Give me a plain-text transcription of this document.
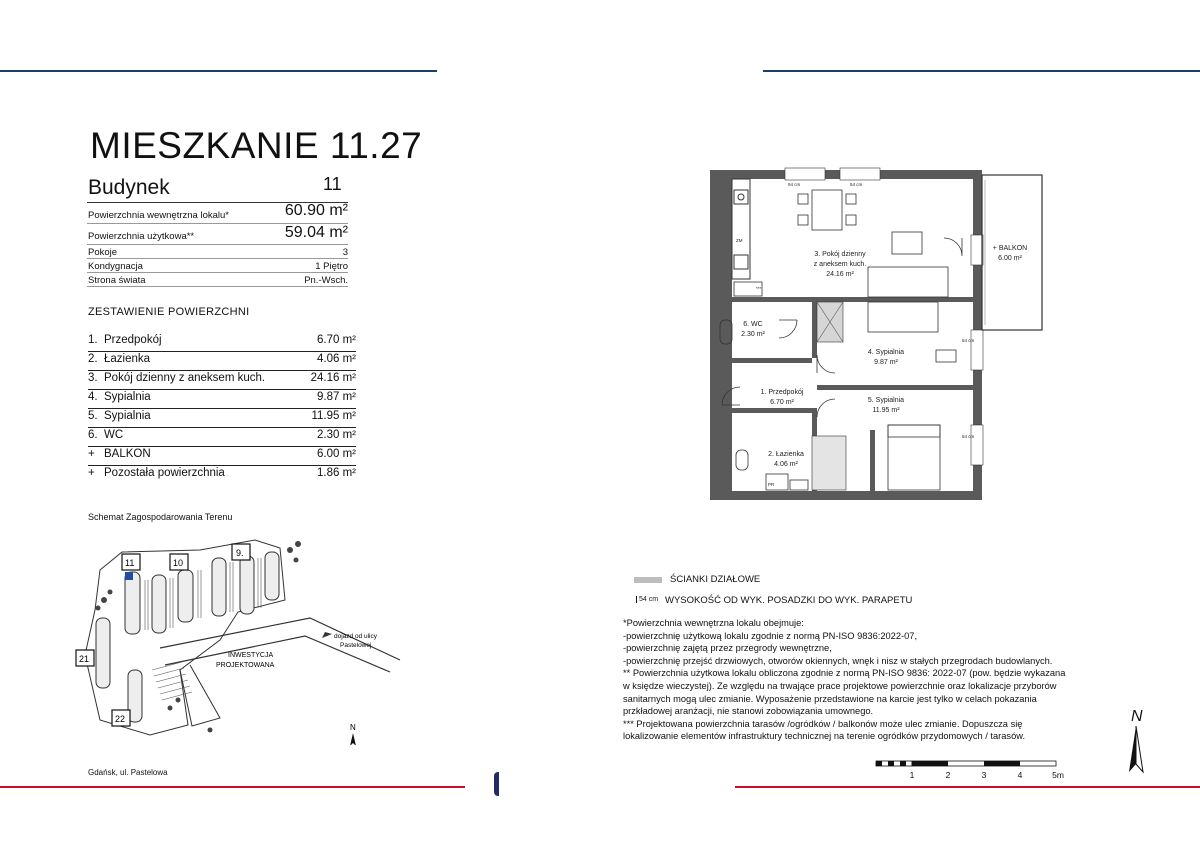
MIESZKANIE 11.27
Budynek	11
Powierzchnia wewnętrzna lokalu*	60.90 m²
Powierzchnia użytkowa**	59.04 m²
Pokoje	3
Kondygnacja	1 Piętro
Strona świata	Pn.-Wsch.
ZESTAWIENIE POWIERZCHNI
1. Przedpokój	6.70 m²
2. Łazienka	4.06 m²
3. Pokój dzienny z aneksem kuch.	24.16 m²
4. Sypialnia	9.87 m²
5. Sypialnia	11.95 m²
6. WC	2.30 m²
+ BALKON	6.00 m²
+ Pozostała powierzchnia	1.86 m²
Schemat Zagospodarowania Terenu
11	10
9.
21
22
INWESTYCJA
PROJEKTOWANA
dojazd od ulicy
Pastelowej
N
Gdańsk, ul. Pastelowa
3. Pokój dzienny
z aneksem kuch.
24.16 m²
+ BALKON
6.00 m²
6. WC
2.30 m²
4. Sypialnia
9.87 m²
1. Przedpokój
6.70 m²	5. Sypialnia
11.95 m²
2. Łazienka
4.06 m²
94 cm	54 cm
54 cm
54 cm
ZM
PR
***
ŚCIANKI DZIAŁOWE
54 cm WYSOKOŚĆ OD WYK. POSADZKI DO WYK. PARAPETU
*Powierzchnia wewnętrzna lokalu obejmuje:
-powierzchnię użytkową lokalu zgodnie z normą PN-ISO 9836:2022-07,
-powierzchnię zajętą przez przegrody wewnętrzne,
-powierzchnię przejść drzwiowych, otworów okiennych, wnęk i nisz w stałych przegrodach budowlanych.
** Powierzchnia użytkowa lokalu obliczona zgodnie z normą PN-ISO 9836: 2022-07 (pow. będzie wykazana
w księdze wieczystej). Ze względu na trwające prace projektowe powierzchnie oraz lokalizacje przyborów
sanitarnych mogą ulec zmianie. Wyposażenie przedstawione na karcie jest tylko w celach pokazania
przkładowej aranżacji, nie stanowi zobowiązania umownego.
*** Projektowana powierzchnia tarasów /ogródków / balkonów może ulec zmianie. Dopuszcza się
lokalizowanie elementów infrastruktury technicznej na terenie ogródków przydomowych / tarasów.
N
1	2	3	4	5m
